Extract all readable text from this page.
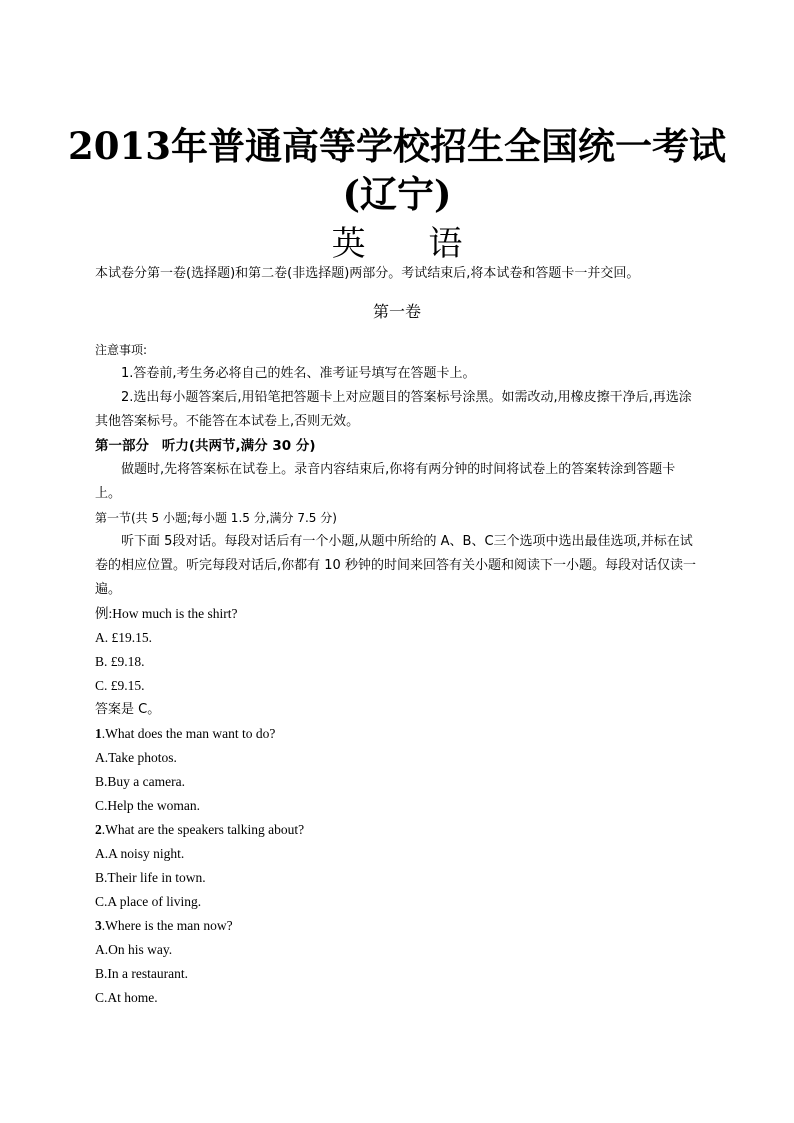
2013年普通高等学校招生全国统一考试
(辽宁)
英 语
本试卷分第一卷(选择题)和第二卷(非选择题)两部分。考试结束后,将本试卷和答题卡一并交回。
第一卷

注意事项:

1.答卷前,考生务必将自己的姓名、准考证号填写在答题卡上。

2.选出每小题答案后,用铅笔把答题卡上对应题目的答案标号涂黑。如需改动,用橡皮擦干净后,再选涂其他答案标号。不能答在本试卷上,否则无效。

第一部分 听力(共两节,满分 30 分)

做题时,先将答案标在试卷上。录音内容结束后,你将有两分钟的时间将试卷上的答案转涂到答题卡上。

第一节(共 5 小题;每小题 1.5 分,满分 7.5 分)

听下面 5段对话。每段对话后有一个小题,从题中所给的 A、B、C三个选项中选出最佳选项,并标在试卷的相应位置。听完每段对话后,你都有 10 秒钟的时间来回答有关小题和阅读下一小题。每段对话仅读一遍。

例:How much is the shirt?

A. £19.15.

B. £9.18.

C. £9.15.

答案是 C。

1.What does the man want to do?

A.Take photos.

B.Buy a camera.

C.Help the woman.

2.What are the speakers talking about?

A.A noisy night.

B.Their life in town.

C.A place of living.

3.Where is the man now?

A.On his way.

B.In a restaurant.

C.At home.
